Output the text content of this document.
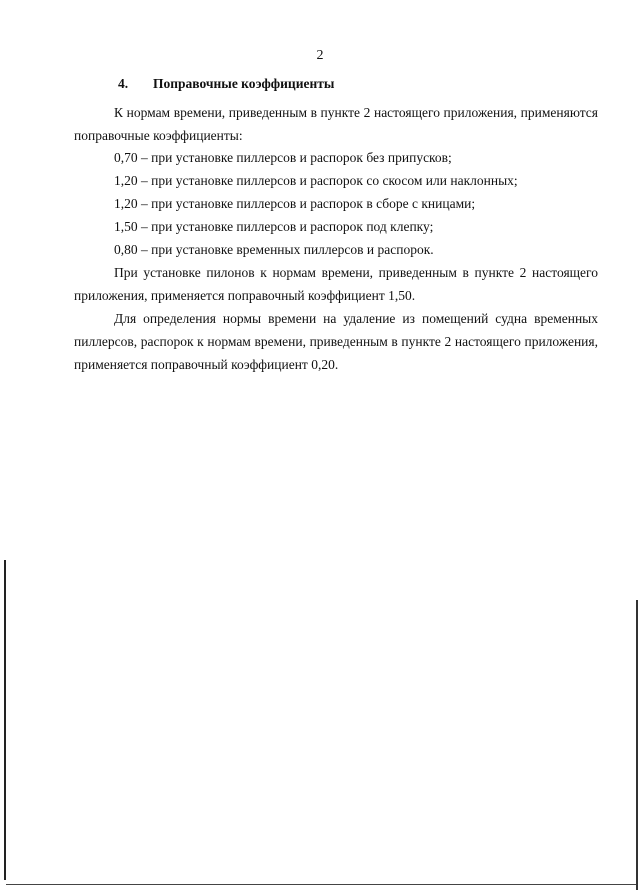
2
4. Поправочные коэффициенты
К нормам времени, приведенным в пункте 2 настоящего приложения, применяются поправочные коэффициенты:
0,70 – при установке пиллерсов и распорок без припусков;
1,20 – при установке пиллерсов и распорок со скосом или наклонных;
1,20 – при установке пиллерсов и распорок в сборе с кницами;
1,50 – при установке пиллерсов и распорок под клепку;
0,80 – при установке временных пиллерсов и распорок.
При установке пилонов к нормам времени, приведенным в пункте 2 настоящего приложения, применяется поправочный коэффициент 1,50.
Для определения нормы времени на удаление из помещений судна временных пиллерсов, распорок к нормам времени, приведенным в пункте 2 настоящего приложения, применяется поправочный коэффициент 0,20.
